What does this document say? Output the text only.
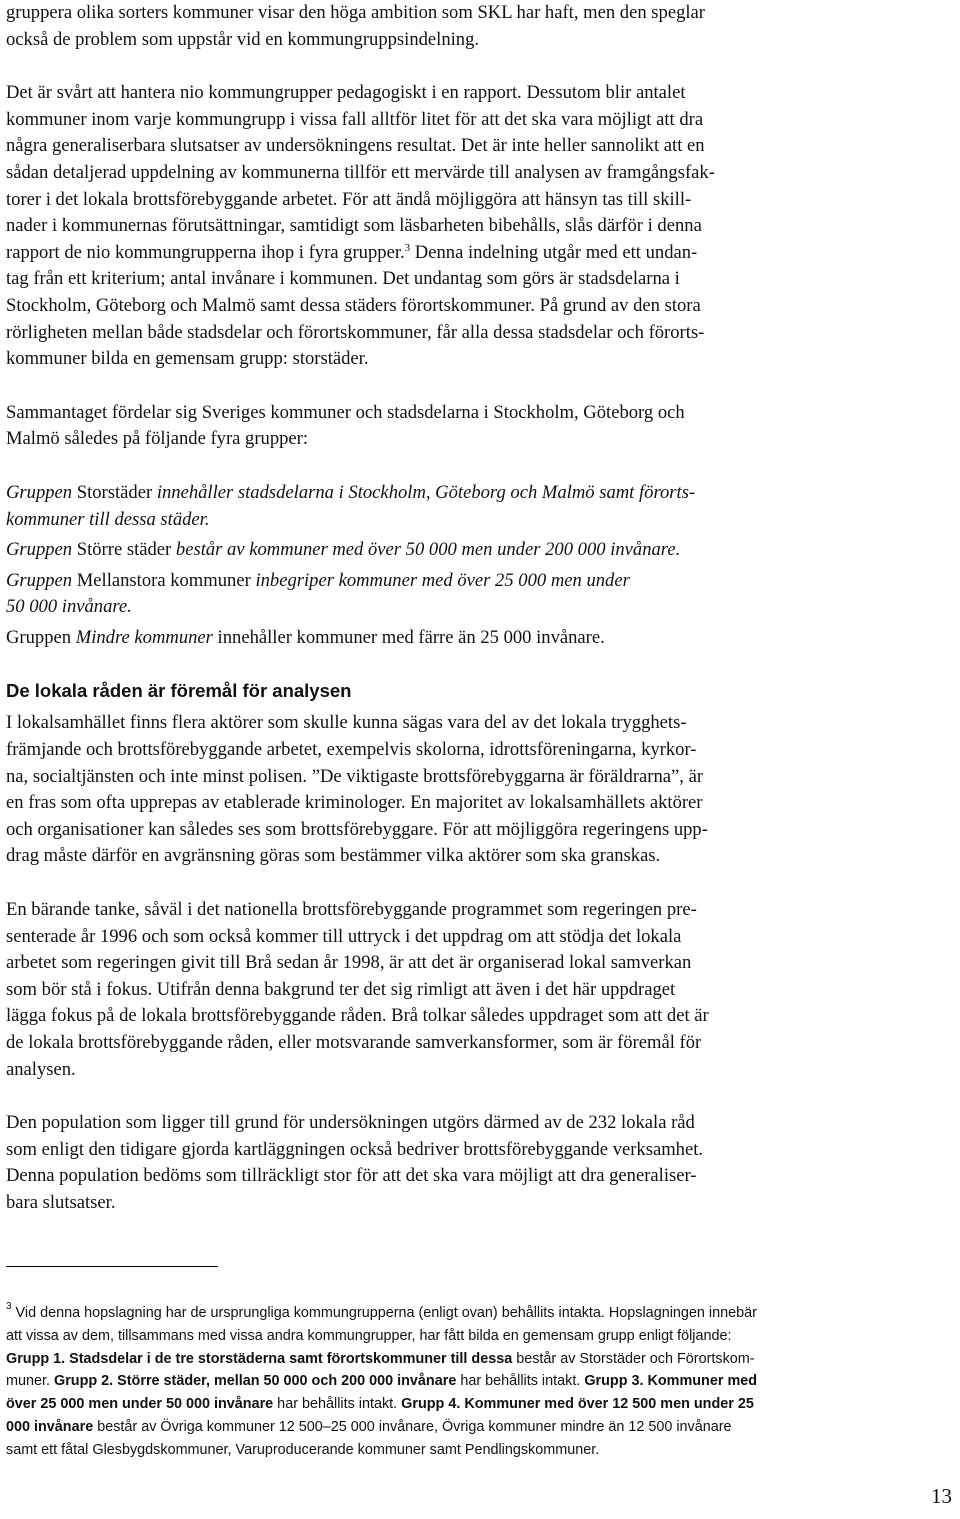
gruppera olika sorters kommuner visar den höga ambition som SKL har haft, men den speglar
också de problem som uppstår vid en kommungruppsindelning.

Det är svårt att hantera nio kommungrupper pedagogiskt i en rapport. Dessutom blir antalet
kommuner inom varje kommungrupp i vissa fall alltför litet för att det ska vara möjligt att dra
några generaliserbara slutsatser av undersökningens resultat. Det är inte heller sannolikt att en
sådan detaljerad uppdelning av kommunerna tillför ett mervärde till analysen av framgångsfak-
torer i det lokala brottsförebyggande arbetet. För att ändå möjliggöra att hänsyn tas till skill-
nader i kommunernas förutsättningar, samtidigt som läsbarheten bibehålls, slås därför i denna
rapport de nio kommungrupperna ihop i fyra grupper.$^3$ Denna indelning utgår med ett undan-
tag från ett kriterium; antal invånare i kommunen. Det undantag som görs är stadsdelarna i
Stockholm, Göteborg och Malmö samt dessa städers förortskommuner. På grund av den stora
rörligheten mellan både stadsdelar och förortskommuner, får alla dessa stadsdelar och förorts-
kommuner bilda en gemensam grupp: storstäder.

Sammantaget fördelar sig Sveriges kommuner och stadsdelarna i Stockholm, Göteborg och
Malmö således på följande fyra grupper:

Gruppen Storstäder innehåller stadsdelarna i Stockholm, Göteborg och Malmö samt förorts-
kommuner till dessa städer.

Gruppen Större städer består av kommuner med över 50 000 men under 200 000 invånare.

Gruppen Mellanstora kommuner inbegriper kommuner med över 25 000 men under
50 000 invånare.

Gruppen Mindre kommuner innehåller kommuner med färre än 25 000 invånare.

De lokala råden är föremål för analysen

I lokalsamhället finns flera aktörer som skulle kunna sägas vara del av det lokala trygghets-
främjande och brottsförebyggande arbetet, exempelvis skolorna, idrottsföreningarna, kyrkor-
na, socialtjänsten och inte minst polisen. ”De viktigaste brottsförebyggarna är föräldrarna”, är
en fras som ofta upprepas av etablerade kriminologer. En majoritet av lokalsamhällets aktörer
och organisationer kan således ses som brottsförebyggare. För att möjliggöra regeringens upp-
drag måste därför en avgränsning göras som bestämmer vilka aktörer som ska granskas.

En bärande tanke, såväl i det nationella brottsförebyggande programmet som regeringen pre-
senterade år 1996 och som också kommer till uttryck i det uppdrag om att stödja det lokala
arbetet som regeringen givit till Brå sedan år 1998, är att det är organiserad lokal samverkan
som bör stå i fokus. Utifrån denna bakgrund ter det sig rimligt att även i det här uppdraget
lägga fokus på de lokala brottsförebyggande råden. Brå tolkar således uppdraget som att det är
de lokala brottsförebyggande råden, eller motsvarande samverkansformer, som är föremål för
analysen.

Den population som ligger till grund för undersökningen utgörs därmed av de 232 lokala råd
som enligt den tidigare gjorda kartläggningen också bedriver brottsförebyggande verksamhet.
Denna population bedöms som tillräckligt stor för att det ska vara möjligt att dra generaliser-
bara slutsatser.

$^3$ Vid denna hopslagning har de ursprungliga kommungrupperna (enligt ovan) behållits intakta. Hopslagningen innebär
att vissa av dem, tillsammans med vissa andra kommungrupper, har fått bilda en gemensam grupp enligt följande:
Grupp 1. Stadsdelar i de tre storstäderna samt förortskommuner till dessa består av Storstäder och Förortskom-
muner. Grupp 2. Större städer, mellan 50 000 och 200 000 invånare har behållits intakt. Grupp 3. Kommuner med
över 25 000 men under 50 000 invånare har behållits intakt. Grupp 4. Kommuner med över 12 500 men under 25
000 invånare består av Övriga kommuner 12 500–25 000 invånare, Övriga kommuner mindre än 12 500 invånare
samt ett fåtal Glesbygdskommuner, Varuproducerande kommuner samt Pendlingskommuner.
13
